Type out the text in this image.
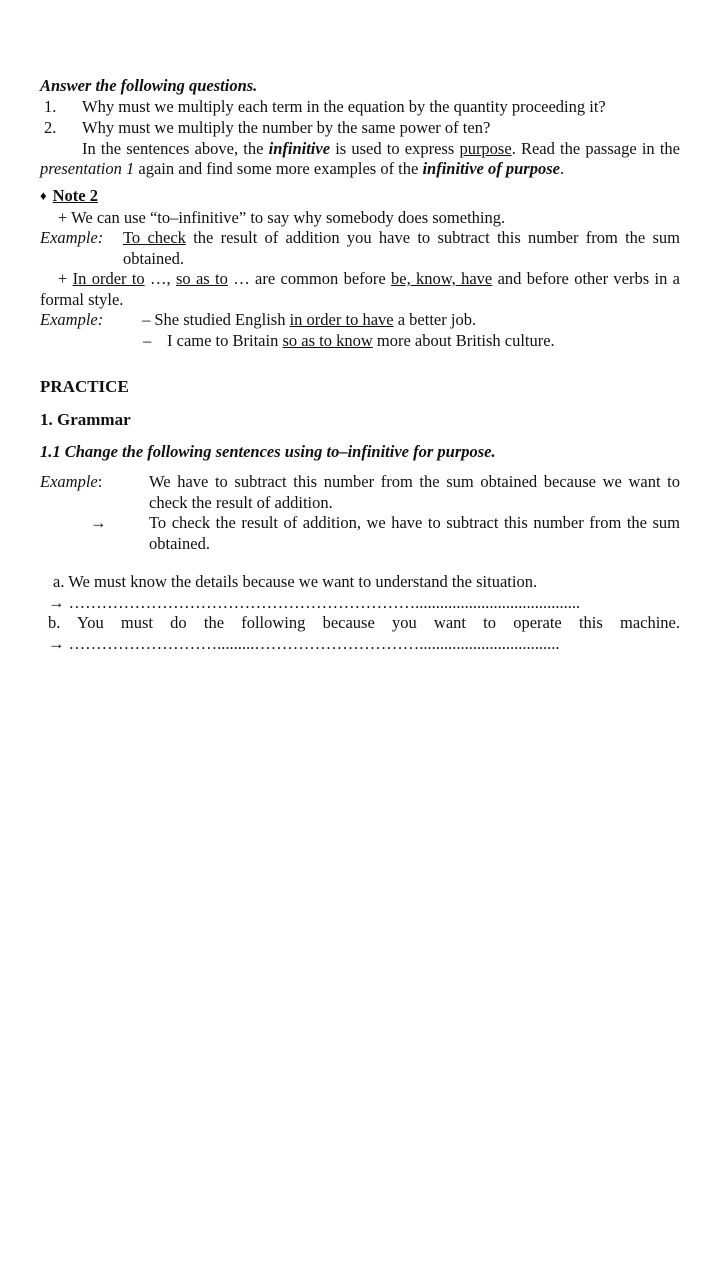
Answer the following questions.
1.	Why must we multiply each term in the equation by the quantity proceeding it?
2.	Why must we multiply the number by the same power of ten?
In the sentences above, the infinitive is used to express purpose. Read the passage in the presentation 1 again and find some more examples of the infinitive of purpose.
♦ Note 2
+ We can use “to–infinitive” to say why somebody does something.
Example: To check the result of addition you have to subtract this number from the sum obtained.
+ In order to …, so as to … are common before be, know, have and before other verbs in a formal style.
Example:	– She studied English in order to have a better job.
– I came to Britain so as to know more about British culture.
PRACTICE
1. Grammar
1.1 Change the following sentences using to–infinitive for purpose.
Example:	We have to subtract this number from the sum obtained because we want to check the result of addition.
→	To check the result of addition, we have to subtract this number from the sum obtained.
a. We must know the details because we want to understand the situation.
→ ………………………………………………………........................................
b. You must do the following because you want to operate this machine.
→ ……………………….........…………………………..................................
